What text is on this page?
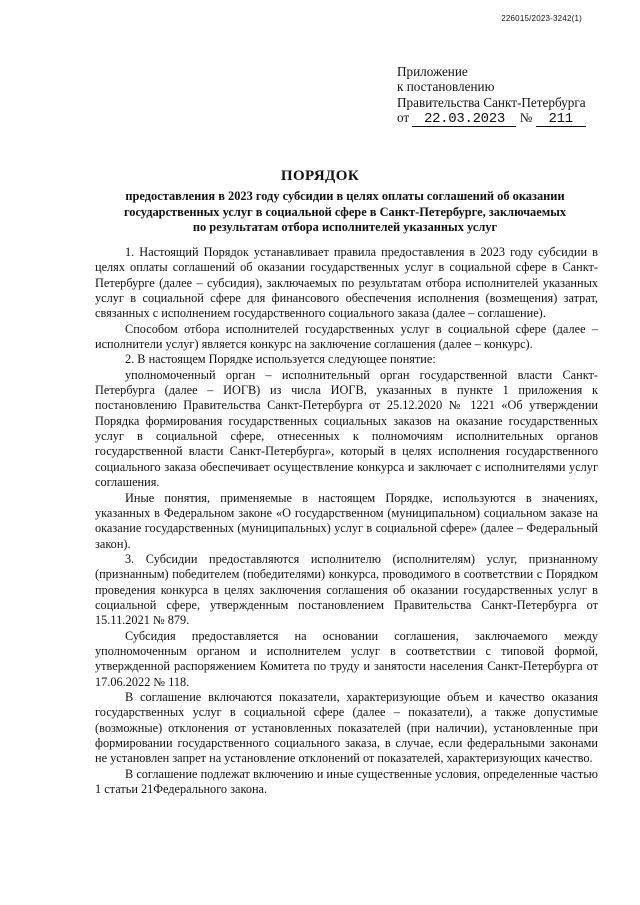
226015/2023-3242(1)
Приложение
к постановлению
Правительства Санкт-Петербурга
от 22.03.2023 № 211
ПОРЯДОК
предоставления в 2023 году субсидии в целях оплаты соглашений об оказании
государственных услуг в социальной сфере в Санкт-Петербурге, заключаемых
по результатам отбора исполнителей указанных услуг

1. Настоящий Порядок устанавливает правила предоставления в 2023 году субсидии в целях оплаты соглашений об оказании государственных услуг в социальной сфере в Санкт-Петербурге (далее – субсидия), заключаемых по результатам отбора исполнителей указанных услуг в социальной сфере для финансового обеспечения исполнения (возмещения) затрат, связанных с исполнением государственного социального заказа (далее – соглашение).

Способом отбора исполнителей государственных услуг в социальной сфере (далее – исполнители услуг) является конкурс на заключение соглашения (далее – конкурс).

2. В настоящем Порядке используется следующее понятие:

уполномоченный орган – исполнительный орган государственной власти Санкт-Петербурга (далее – ИОГВ) из числа ИОГВ, указанных в пункте 1 приложения к постановлению Правительства Санкт-Петербурга от 25.12.2020 № 1221 «Об утверждении Порядка формирования государственных социальных заказов на оказание государственных услуг в социальной сфере, отнесенных к полномочиям исполнительных органов государственной власти Санкт-Петербурга», который в целях исполнения государственного социального заказа обеспечивает осуществление конкурса и заключает с исполнителями услуг соглашения.

Иные понятия, применяемые в настоящем Порядке, используются в значениях, указанных в Федеральном законе «О государственном (муниципальном) социальном заказе на оказание государственных (муниципальных) услуг в социальной сфере» (далее – Федеральный закон).

3. Субсидии предоставляются исполнителю (исполнителям) услуг, признанному (признанным) победителем (победителями) конкурса, проводимого в соответствии с Порядком проведения конкурса в целях заключения соглашения об оказании государственных услуг в социальной сфере, утвержденным постановлением Правительства Санкт-Петербурга от 15.11.2021 № 879.

Субсидия предоставляется на основании соглашения, заключаемого между уполномоченным органом и исполнителем услуг в соответствии с типовой формой, утвержденной распоряжением Комитета по труду и занятости населения Санкт-Петербурга от 17.06.2022 № 118.

В соглашение включаются показатели, характеризующие объем и качество оказания государственных услуг в социальной сфере (далее – показатели), а также допустимые (возможные) отклонения от установленных показателей (при наличии), установленные при формировании государственного социального заказа, в случае, если федеральными законами не установлен запрет на установление отклонений от показателей, характеризующих качество.

В соглашение подлежат включению и иные существенные условия, определенные частью 1 статьи 21Федерального закона.
